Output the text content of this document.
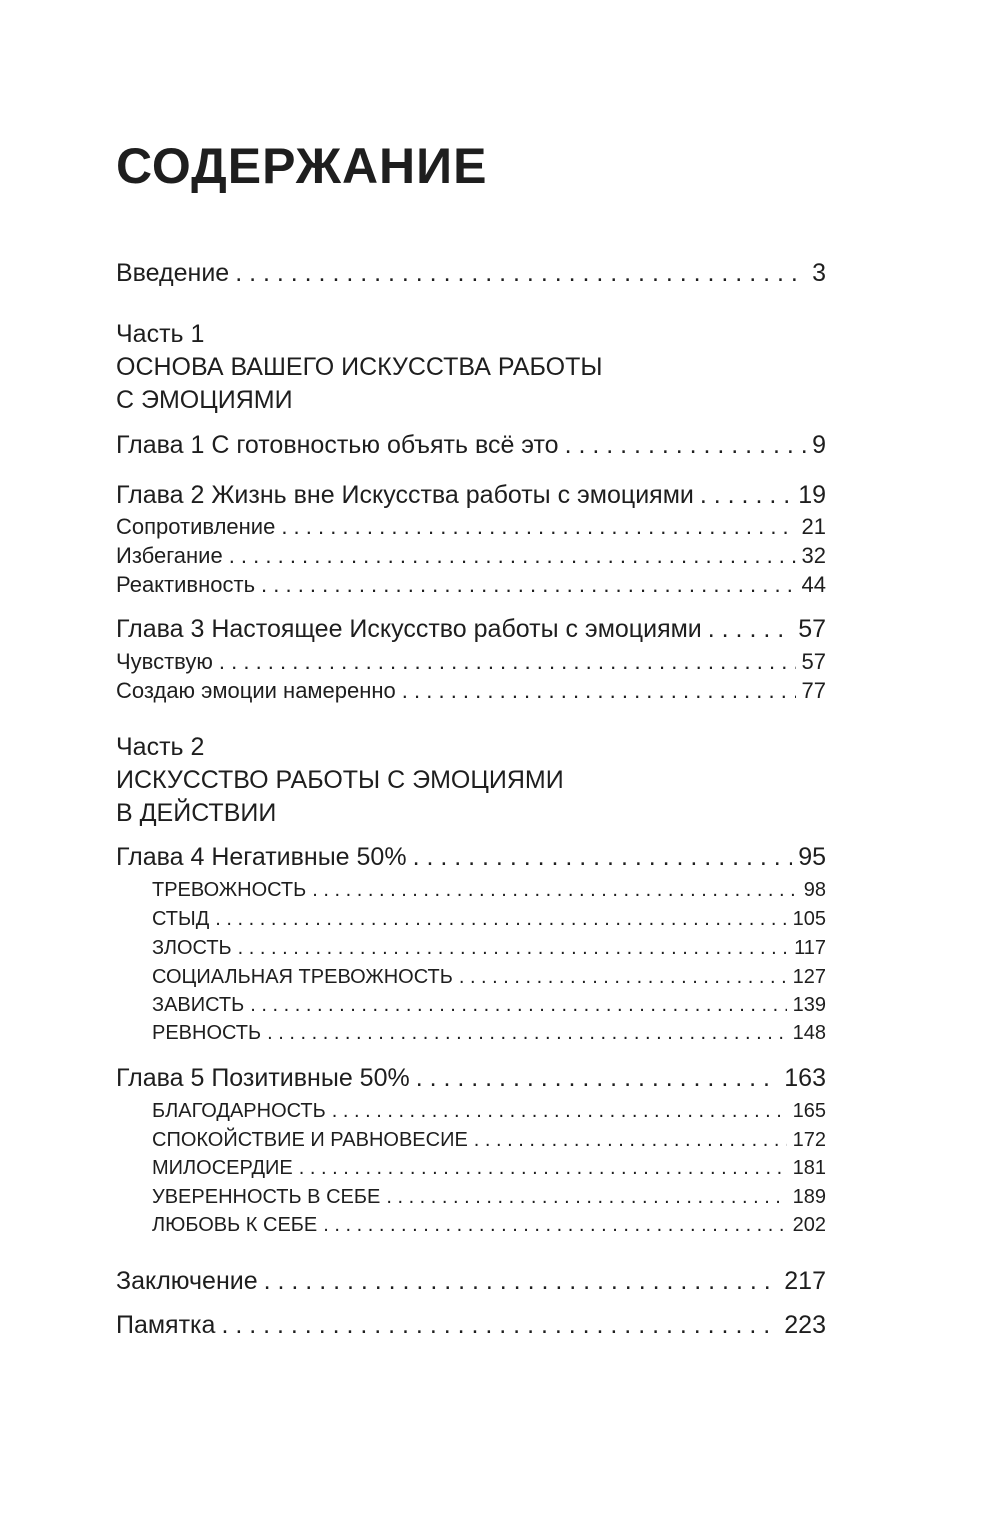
СОДЕРЖАНИЕ
Введение . . .	3
Часть 1
ОСНОВА ВАШЕГО ИСКУССТВА РАБОТЫ
С ЭМОЦИЯМИ
Глава 1 С готовностью объять всё это . . .	9
Глава 2 Жизнь вне Искусства работы с эмоциями . . .	19
Сопротивление . . .	21
Избегание . . .	32
Реактивность . . .	44
Глава 3 Настоящее Искусство работы с эмоциями . . .	57
Чувствую . . .	57
Создаю эмоции намеренно . . .	77
Часть 2
ИСКУССТВО РАБОТЫ С ЭМОЦИЯМИ
В ДЕЙСТВИИ
Глава 4 Негативные 50% . . .	95
ТРЕВОЖНОСТЬ . . .	98
СТЫД . . .	105
ЗЛОСТЬ . . .	117
СОЦИАЛЬНАЯ ТРЕВОЖНОСТЬ . . .	127
ЗАВИСТЬ . . .	139
РЕВНОСТЬ . . .	148
Глава 5 Позитивные 50% . . .	163
БЛАГОДАРНОСТЬ . . .	165
СПОКОЙСТВИЕ И РАВНОВЕСИЕ . . .	172
МИЛОСЕРДИЕ . . .	181
УВЕРЕННОСТЬ В СЕБЕ . . .	189
ЛЮБОВЬ К СЕБЕ . . .	202
Заключение . . .	217
Памятка . . .	223
